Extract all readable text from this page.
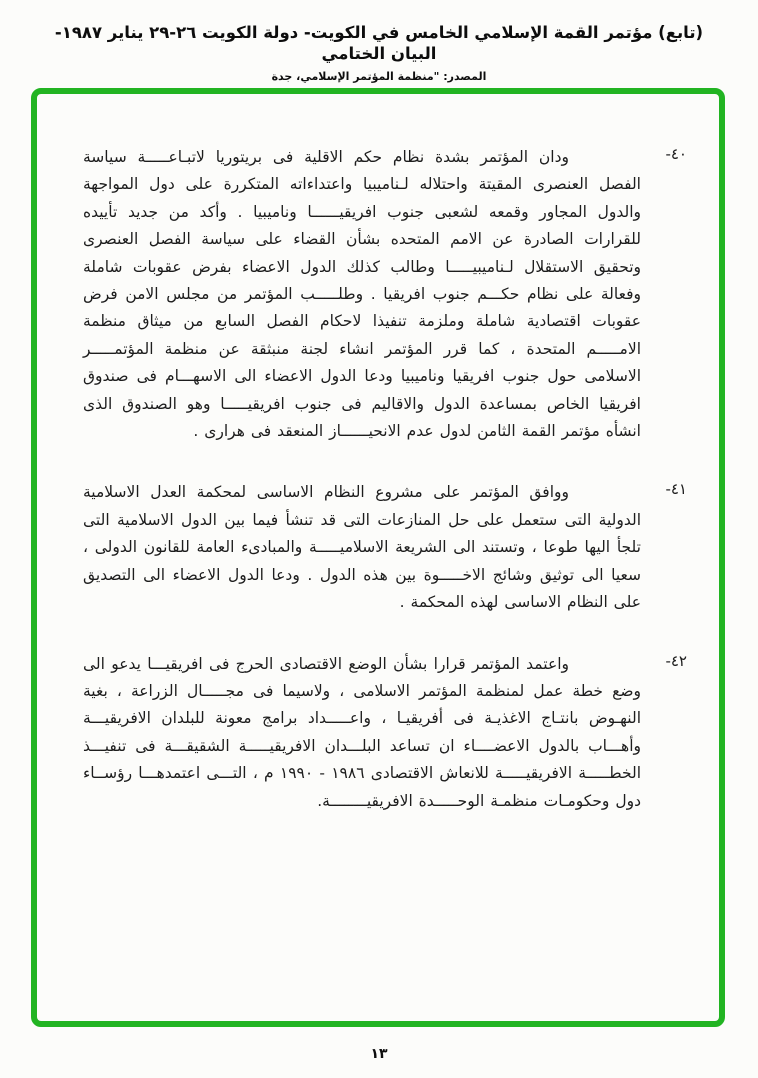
(تابع) مؤتمر القمة الإسلامي الخامس في الكويت- دولة الكويت ٢٦-٢٩ يناير ١٩٨٧- البيان الختامي
المصدر: "منظمة المؤتمر الإسلامي، جدة
٤٠-
ودان المؤتمر بشدة نظام حكم الاقلية فى بريتوريا لاتبـاعـــــة سياسة الفصل العنصرى المقيتة واحتلاله لـناميبيا واعتداءاته المتكررة على دول المواجهة والدول المجاور وقمعه لشعبى جنوب افريقيــــــا وناميبيا . وأكد من جديد تأييده للقرارات الصادرة عن الامم المتحده بشأن القضاء على سياسة الفصل العنصرى وتحقيق الاستقلال لـناميبيـــــا وطالب كذلك الدول الاعضاء بفرض عقوبات شاملة وفعالة على نظام حكـــم جنوب افريقيا . وطلـــــب المؤتمر من مجلس الامن فرض عقوبات اقتصادية شاملة وملزمة تنفيذا لاحكام الفصل السابع من ميثاق منظمة الامـــــم المتحدة ، كما قرر المؤتمر انشاء لجنة منبثقة عن منظمة المؤتمـــــر الاسلامى حول جنوب افريقيا وناميبيا ودعا الدول الاعضاء الى الاسهـــام فى صندوق افريقيا الخاص بمساعدة الدول والاقاليم فى جنوب افريقيـــــا وهو الصندوق الذى انشأه مؤتمر القمة الثامن لدول عدم الانحيــــــاز المنعقد فى هرارى .
٤١-
ووافق المؤتمر على مشروع النظام الاساسى لمحكمة العدل الاسلامية الدولية التى ستعمل على حل المنازعات التى قد تنشأ فيما بين الدول الاسلامية التى تلجأ اليها طوعا ، وتستند الى الشريعة الاسلاميـــــة والمبادىء العامة للقانون الدولى ، سعيا الى توثيق وشائج الاخـــــوة بين هذه الدول . ودعا الدول الاعضاء الى التصديق على النظام الاساسى لهذه المحكمة .
٤٢-
واعتمد المؤتمر قرارا بشأن الوضع الاقتصادى الحرج فى افريقيـــا يدعو الى وضع خطة عمل لمنظمة المؤتمر الاسلامى ، ولاسيما فى مجـــــال الزراعة ، بغية النهـوض بانتـاج الاغذيـة فى أفريقيـا ، واعـــــداد برامج معونة للبلدان الافريقيـــة وأهـــاب بالدول الاعضــــاء ان تساعد البلـــدان الافريقيـــــة الشقيقـــة فى تنفيـــذ الخطـــــة الافريقيـــــة للانعاش الاقتصادى ١٩٨٦ - ١٩٩٠ م ، التـــى اعتمدهـــا رؤســاء دول وحكومـات منظمـة الوحـــــدة الافريقيــــــــة.
١٣
